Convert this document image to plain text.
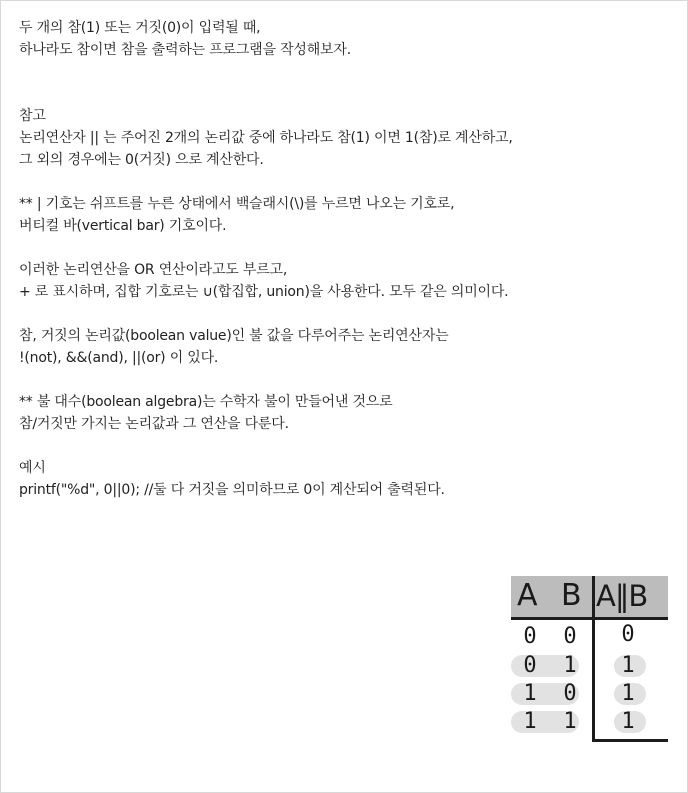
두 개의 참(1) 또는 거짓(0)이 입력될 때,
하나라도 참이면 참을 출력하는 프로그램을 작성해보자.

참고
논리연산자 || 는 주어진 2개의 논리값 중에 하나라도 참(1) 이면 1(참)로 계산하고,
그 외의 경우에는 0(거짓) 으로 계산한다.

** | 기호는 쉬프트를 누른 상태에서 백슬래시(\)를 누르면 나오는 기호로,
버티컬 바(vertical bar) 기호이다.

이러한 논리연산을 OR 연산이라고도 부르고,
+ 로 표시하며, 집합 기호로는 ∪(합집합, union)을 사용한다. 모두 같은 의미이다.

참, 거짓의 논리값(boolean value)인 불 값을 다루어주는 논리연산자는
!(not), &&(and), ||(or) 이 있다.

** 불 대수(boolean algebra)는 수학자 불이 만들어낸 것으로
참/거짓만 가지는 논리값과 그 연산을 다룬다.

예시
printf("%d", 0||0); //둘 다 거짓을 의미하므로 0이 계산되어 출력된다.

A B A‖B
0 0 0
0 1 1
1 0 1
1 1 1
